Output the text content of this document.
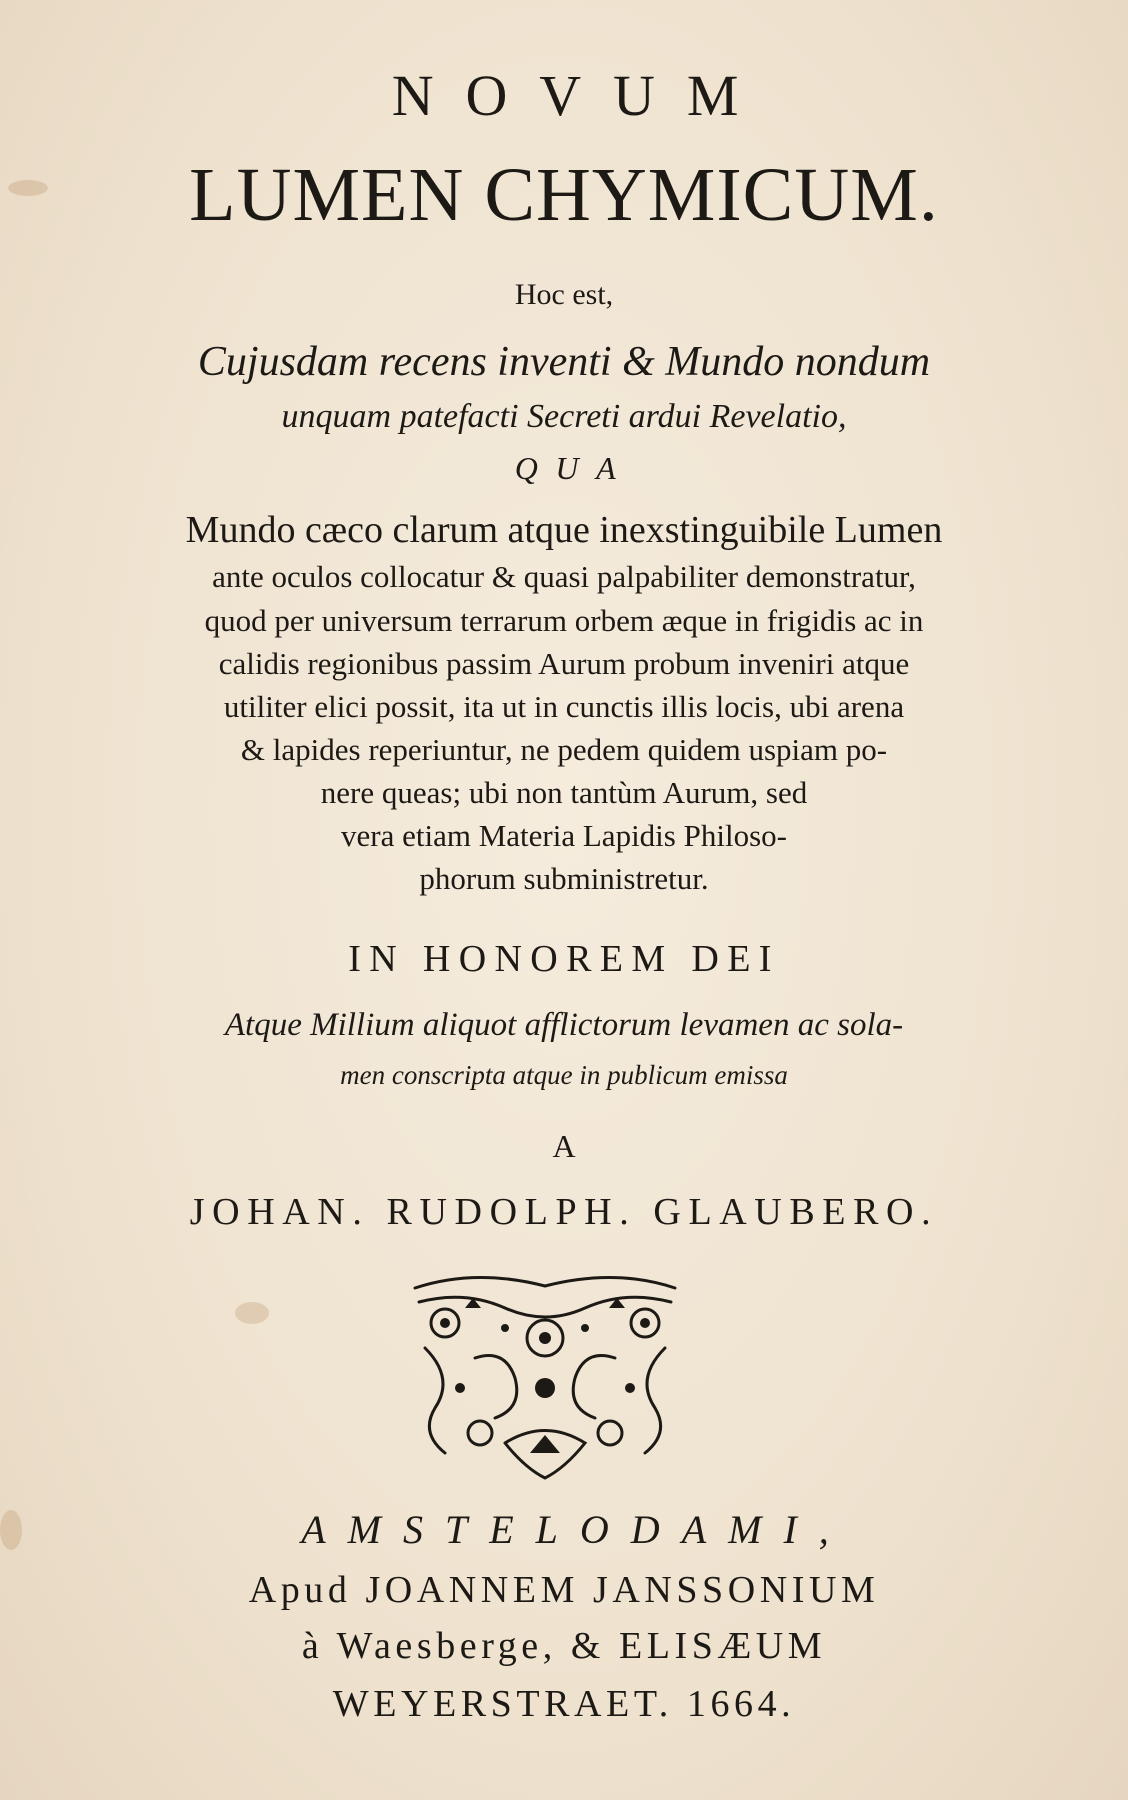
NOVUM
LUMEN CHYMICUM.
Hoc est,
Cujusdam recens inventi & Mundo nondum
unquam patefacti Secreti ardui Revelatio,
QUA
Mundo cæco clarum atque inexstinguibile Lumen
ante oculos collocatur & quasi palpabiliter demonstratur,
quod per universum terrarum orbem æque in frigidis ac in
calidis regionibus passim Aurum probum inveniri atque
utiliter elici possit, ita ut in cunctis illis locis, ubi arena
& lapides reperiuntur, ne pedem quidem uspiam po-
nere queas; ubi non tantùm Aurum, sed
vera etiam Materia Lapidis Philoso-
phorum subministretur.
IN HONOREM DEI
Atque Millium aliquot afflictorum levamen ac sola-
men conscripta atque in publicum emissa
A
JOHAN. RUDOLPH. GLAUBERO.
AMSTELODAMI,
Apud JOANNEM JANSSONIUM
à Waesberge, & ELISÆUM
WEYERSTRAET. 1664.
